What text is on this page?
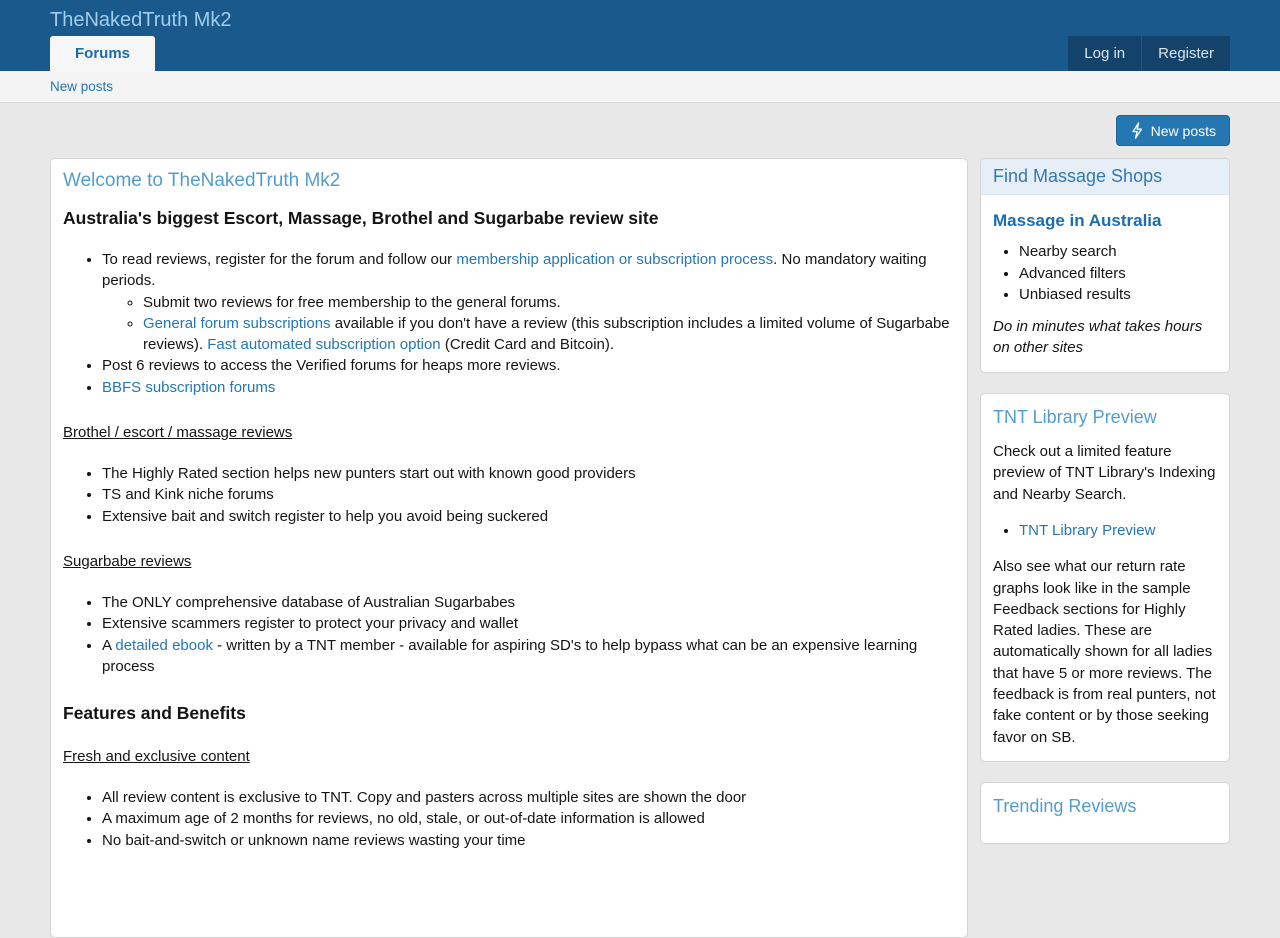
TheNakedTruth Mk2
Forums	Log in	Register
New posts
New posts
Welcome to TheNakedTruth Mk2
Australia's biggest Escort, Massage, Brothel and Sugarbabe review site
• To read reviews, register for the forum and follow our membership application or subscription process. No mandatory waiting periods.
◦ Submit two reviews for free membership to the general forums.
◦ General forum subscriptions available if you don't have a review (this subscription includes a limited volume of Sugarbabe reviews). Fast automated subscription option (Credit Card and Bitcoin).
• Post 6 reviews to access the Verified forums for heaps more reviews.
• BBFS subscription forums
Brothel / escort / massage reviews
• The Highly Rated section helps new punters start out with known good providers
• TS and Kink niche forums
• Extensive bait and switch register to help you avoid being suckered
Sugarbabe reviews
• The ONLY comprehensive database of Australian Sugarbabes
• Extensive scammers register to protect your privacy and wallet
• A detailed ebook - written by a TNT member - available for aspiring SD's to help bypass what can be an expensive learning process
Features and Benefits
Fresh and exclusive content
• All review content is exclusive to TNT. Copy and pasters across multiple sites are shown the door
• A maximum age of 2 months for reviews, no old, stale, or out-of-date information is allowed
• No bait-and-switch or unknown name reviews wasting your time
Find Massage Shops
Massage in Australia
• Nearby search
• Advanced filters
• Unbiased results

Do in minutes what takes hours on other sites

TNT Library Preview

Check out a limited feature preview of TNT Library's Indexing and Nearby Search.

• TNT Library Preview

Also see what our return rate graphs look like in the sample Feedback sections for Highly Rated ladies. These are automatically shown for all ladies that have 5 or more reviews. The feedback is from real punters, not fake content or by those seeking favor on SB.

Trending Reviews
